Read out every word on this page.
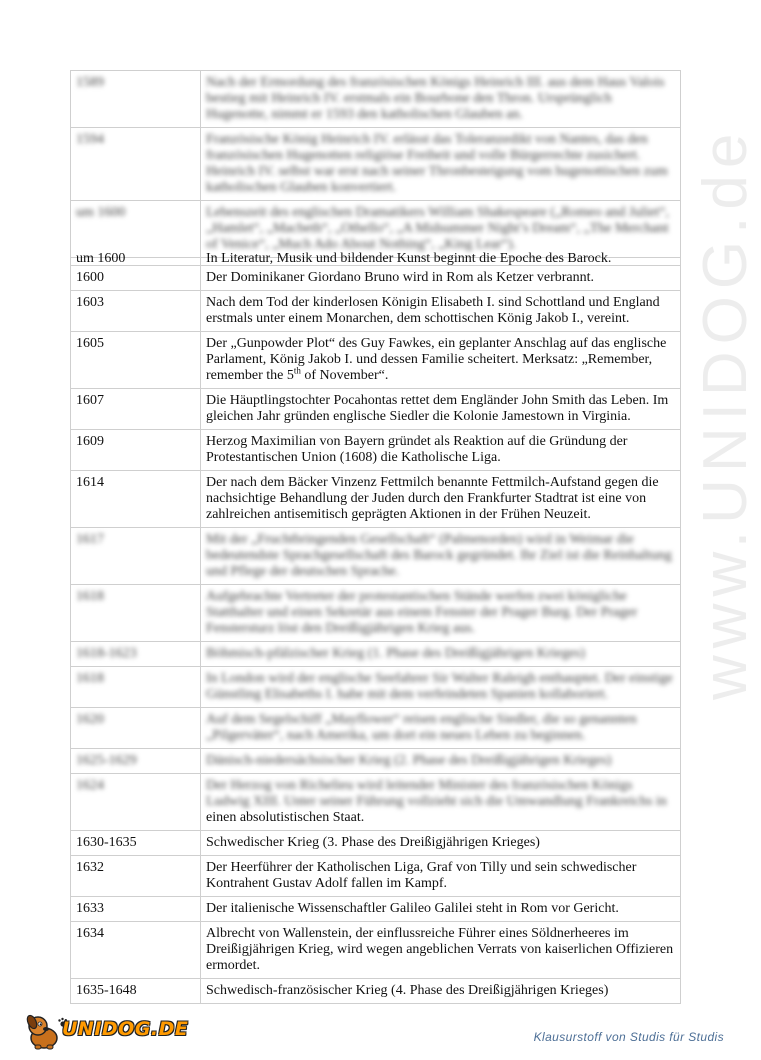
www.UNIDOG.de
1589	Nach der Ermordung des französischen Königs Heinrich III. aus dem Haus Valois bestieg mit Heinrich IV. erstmals ein Bourbone den Thron. Ursprünglich Hugenotte, nimmt er 1593 den katholischen Glauben an.
1594	Französische König Heinrich IV. erlässt das Toleranzedikt von Nantes, das den französischen Hugenotten religiöse Freiheit und volle Bürgerrechte zusichert. Heinrich IV. selbst war erst nach seiner Thronbesteigung vom hugenottischen zum katholischen Glauben konvertiert.
um 1600	Lebenszeit des englischen Dramatikers William Shakespeare („Romeo and Juliet“, „Hamlet“, „Macbeth“, „Othello“, „A Midsummer Night’s Dream“, „The Merchant of Venice“, „Much Ado About Nothing“, „King Lear“).

um 1600	In Literatur, Musik und bildender Kunst beginnt die Epoche des Barock.

1600	Der Dominikaner Giordano Bruno wird in Rom als Ketzer verbrannt.
1603	Nach dem Tod der kinderlosen Königin Elisabeth I. sind Schottland und England erstmals unter einem Monarchen, dem schottischen König Jakob I., vereint.
1605	Der „Gunpowder Plot“ des Guy Fawkes, ein geplanter Anschlag auf das englische Parlament, König Jakob I. und dessen Familie scheitert. Merksatz: „Remember, remember the 5th of November“.
1607	Die Häuptlingstochter Pocahontas rettet dem Engländer John Smith das Leben. Im gleichen Jahr gründen englische Siedler die Kolonie Jamestown in Virginia.
1609	Herzog Maximilian von Bayern gründet als Reaktion auf die Gründung der Protestantischen Union (1608) die Katholische Liga.
1614	Der nach dem Bäcker Vinzenz Fettmilch benannte Fettmilch-Aufstand gegen die nachsichtige Behandlung der Juden durch den Frankfurter Stadtrat ist eine von zahlreichen antisemitisch geprägten Aktionen in der Frühen Neuzeit.
1617	Mit der „Fruchtbringenden Gesellschaft“ (Palmenorden) wird in Weimar die bedeutendste Sprachgesellschaft des Barock gegründet. Ihr Ziel ist die Reinhaltung und Pflege der deutschen Sprache.
1618	Aufgebrachte Vertreter der protestantischen Stände werfen zwei königliche Statthalter und einen Sekretär aus einem Fenster der Prager Burg. Der Prager Fenstersturz löst den Dreißigjährigen Krieg aus.
1618-1623	Böhmisch-pfälzischer Krieg (1. Phase des Dreißigjährigen Krieges)
1618	In London wird der englische Seefahrer Sir Walter Raleigh enthauptet. Der einstige Günstling Elisabeths I. habe mit dem verfeindeten Spanien kollaboriert.
1620	Auf dem Segelschiff „Mayflower“ reisen englische Siedler, die so genannten „Pilgerväter“, nach Amerika, um dort ein neues Leben zu beginnen.
1625-1629	Dänisch-niedersächsischer Krieg (2. Phase des Dreißigjährigen Krieges)

1624	Der Herzog von Richelieu wird leitender Minister des französischen Königs Ludwig XIII. Unter seiner Führung vollzieht sich die Umwandlung Frankreichs in
einen absolutistischen Staat.

1630-1635	Schwedischer Krieg (3. Phase des Dreißigjährigen Krieges)
1632	Der Heerführer der Katholischen Liga, Graf von Tilly und sein schwedischer Kontrahent Gustav Adolf fallen im Kampf.
1633	Der italienische Wissenschaftler Galileo Galilei steht in Rom vor Gericht.
1634	Albrecht von Wallenstein, der einflussreiche Führer eines Söldnerheeres im Dreißigjährigen Krieg, wird wegen angeblichen Verrats von kaiserlichen Offizieren ermordet.
1635-1648	Schwedisch-französischer Krieg (4. Phase des Dreißigjährigen Krieges)
UNIDOG.DE	Klausurstoff von Studis für Studis
